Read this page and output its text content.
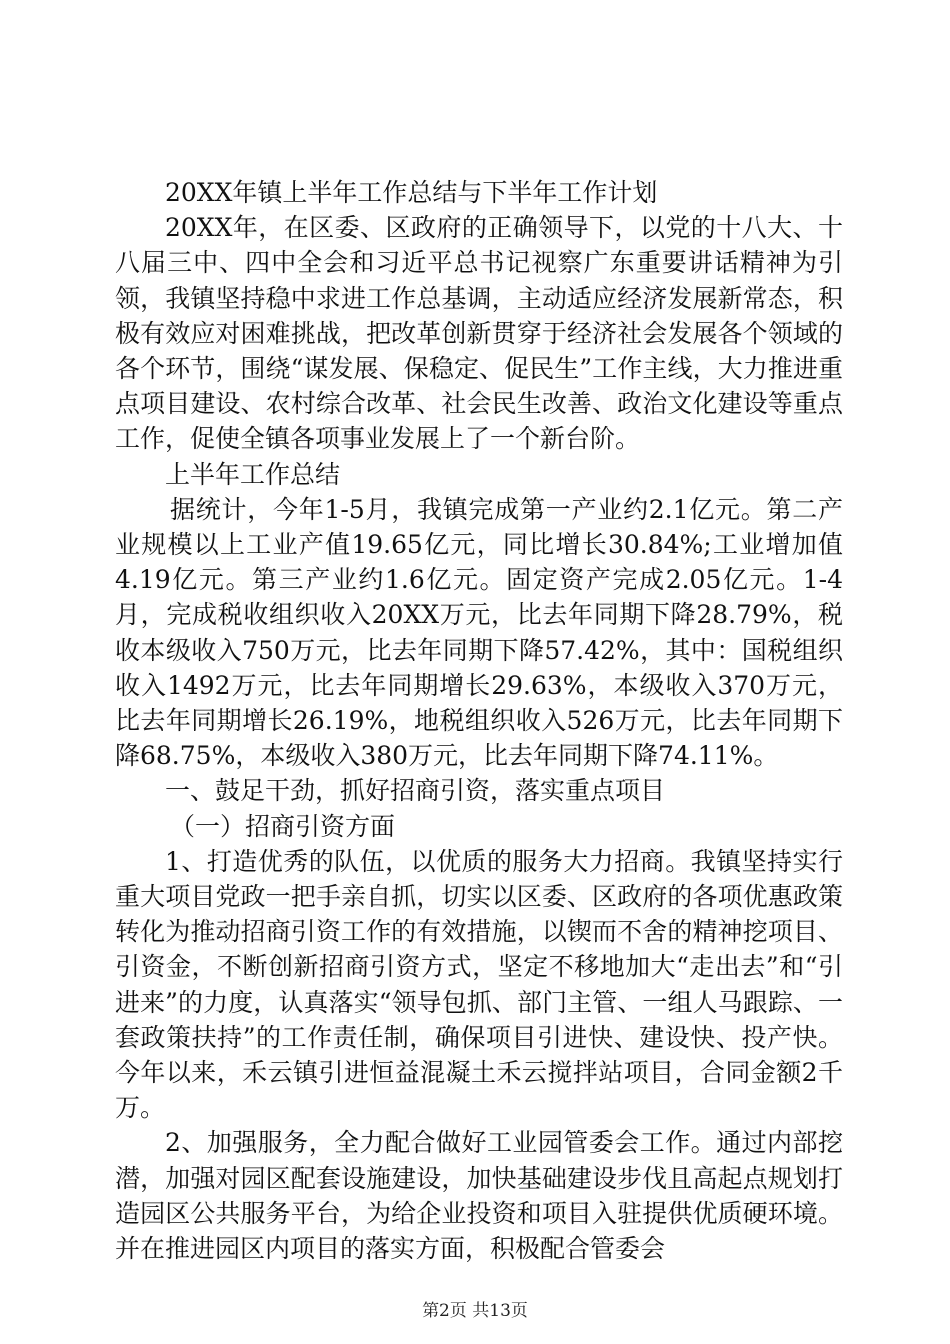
20XX年镇上半年工作总结与下半年工作计划

20XX年，在区委、区政府的正确领导下，以党的十八大、十八届三中、四中全会和习近平总书记视察广东重要讲话精神为引领，我镇坚持稳中求进工作总基调，主动适应经济发展新常态，积极有效应对困难挑战，把改革创新贯穿于经济社会发展各个领域的各个环节，围绕“谋发展、保稳定、促民生”工作主线，大力推进重点项目建设、农村综合改革、社会民生改善、政治文化建设等重点工作，促使全镇各项事业发展上了一个新台阶。

上半年工作总结

据统计，今年1-5月，我镇完成第一产业约2.1亿元。第二产业规模以上工业产值19.65亿元，同比增长30.84%;工业增加值4.19亿元。第三产业约1.6亿元。固定资产完成2.05亿元。1-4月，完成税收组织收入20XX万元，比去年同期下降28.79%，税收本级收入750万元，比去年同期下降57.42%，其中：国税组织收入1492万元，比去年同期增长29.63%，本级收入370万元，比去年同期增长26.19%，地税组织收入526万元，比去年同期下降68.75%，本级收入380万元，比去年同期下降74.11%。

一、鼓足干劲，抓好招商引资，落实重点项目

（一）招商引资方面

1、打造优秀的队伍，以优质的服务大力招商。我镇坚持实行重大项目党政一把手亲自抓，切实以区委、区政府的各项优惠政策转化为推动招商引资工作的有效措施，以锲而不舍的精神挖项目、引资金，不断创新招商引资方式，坚定不移地加大“走出去”和“引进来”的力度，认真落实“领导包抓、部门主管、一组人马跟踪、一套政策扶持”的工作责任制，确保项目引进快、建设快、投产快。今年以来，禾云镇引进恒益混凝土禾云搅拌站项目，合同金额2千万。

2、加强服务，全力配合做好工业园管委会工作。通过内部挖潜，加强对园区配套设施建设，加快基础建设步伐且高起点规划打造园区公共服务平台，为给企业投资和项目入驻提供优质硬环境。并在推进园区内项目的落实方面，积极配合管委会

第2页 共13页
